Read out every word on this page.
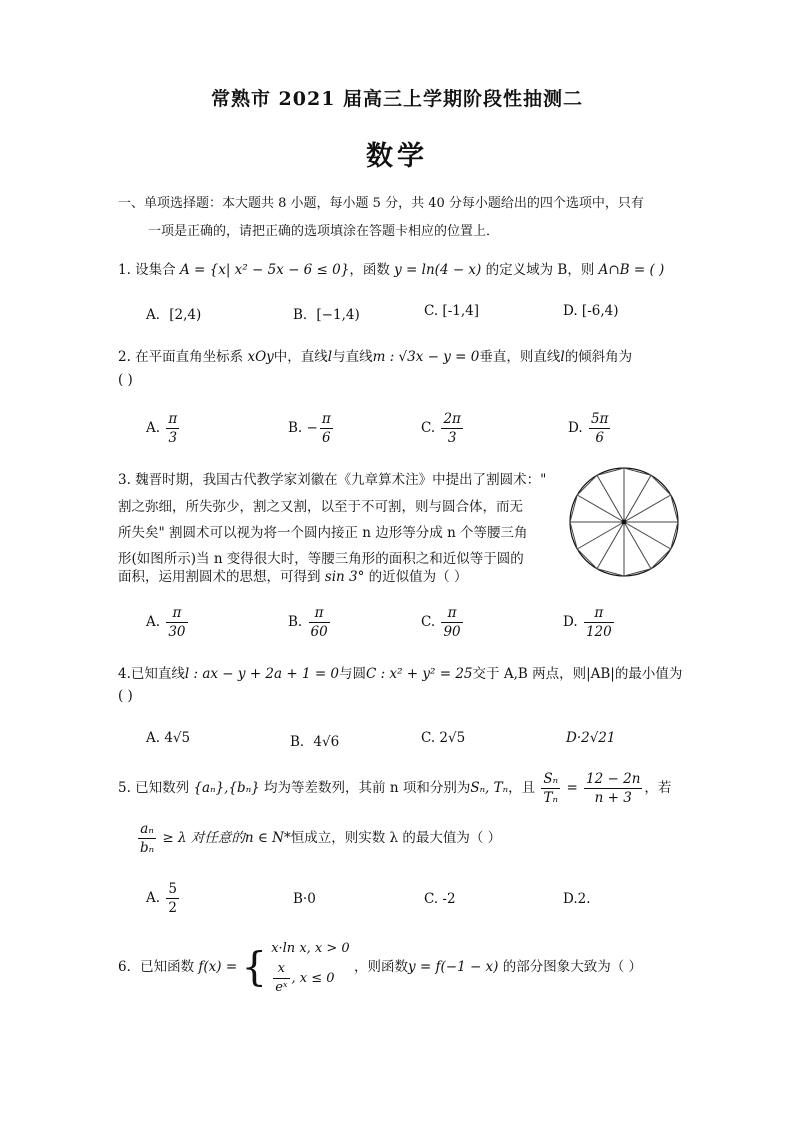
常熟市 2021 届高三上学期阶段性抽测二
数学
一、单项选择题：本大题共 8 小题，每小题 5 分，共 40 分每小题给出的四个选项中，只有
一项是正确的，请把正确的选项填涂在答题卡相应的位置上．
1. 设集合 A = {x| x² − 5x − 6 ≤ 0}，函数 y = ln(4 − x) 的定义域为 B，则 A∩B = ( )
A．[2,4)	B．[−1,4)	C. [-1,4]	D. [-6,4)
2. 在平面直角坐标系 xOy中，直线l与直线m : √3x − y = 0垂直，则直线l的倾斜角为
( )
A. $\frac{\pi}{3}$	B. − $\frac{\pi}{6}$	C. $\frac{2\pi}{3}$	D. $\frac{5\pi}{6}$
3. 魏晋时期，我国古代教学家刘徽在《九章算术注》中提出了割圆术："
割之弥细，所失弥少，割之又割，以至于不可割，则与圆合体，而无
所失矣" 割圆术可以视为将一个圆内接正 n 边形等分成 n 个等腰三角
形(如图所示)当 n 变得很大时，等腰三角形的面积之和近似等于圆的
面积，运用割圆术的思想，可得到 sin 3° 的近似值为（ ）
A. $\frac{\pi}{30}$	B. $\frac{\pi}{60}$	C. $\frac{\pi}{90}$	D. $\frac{\pi}{120}$
4.已知直线l : ax − y + 2a + 1 = 0与圆C : x² + y² = 25交于 A,B 两点，则|AB|的最小值为
( )
A. 4√5	B．4√6	C. 2√5	D·2√21
5. 已知数列 {aₙ},{bₙ} 均为等差数列，其前 n 项和分别为Sₙ, Tₙ，且 $\frac{\text{Sₙ}}{\text{Tₙ}} = \frac{12 - 2n}{n + 3}$ ，若
$\frac{\text{aₙ}}{\text{bₙ}} \ge \lambda$ 对任意的n ∈ N*恒成立，则实数 λ 的最大值为（ ）
A. $\frac{5}{2}$	B·0	C. -2	D.2.
6．已知函数 f(x) = { x·ln x, x > 0
$\frac{x}{\text{eˣ}}$ , x ≤ 0
，则函数y = f(−1 − x) 的部分图象大致为（ ）
